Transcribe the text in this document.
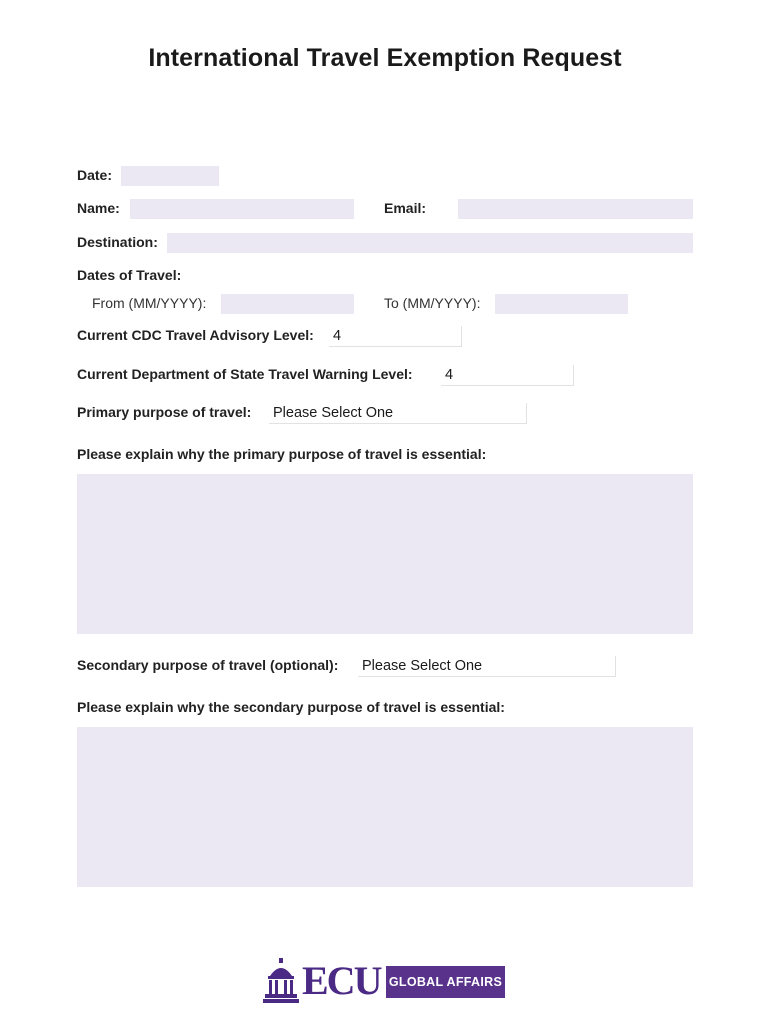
International Travel Exemption Request
Date:
Name:	Email:
Destination:
Dates of Travel:
From (MM/YYYY):	To (MM/YYYY):
Current CDC Travel Advisory Level: 4
Current Department of State Travel Warning Level: 4
Primary purpose of travel: Please Select One
Please explain why the primary purpose of travel is essential:
Secondary purpose of travel (optional): Please Select One
Please explain why the secondary purpose of travel is essential:
ECU GLOBAL AFFAIRS
